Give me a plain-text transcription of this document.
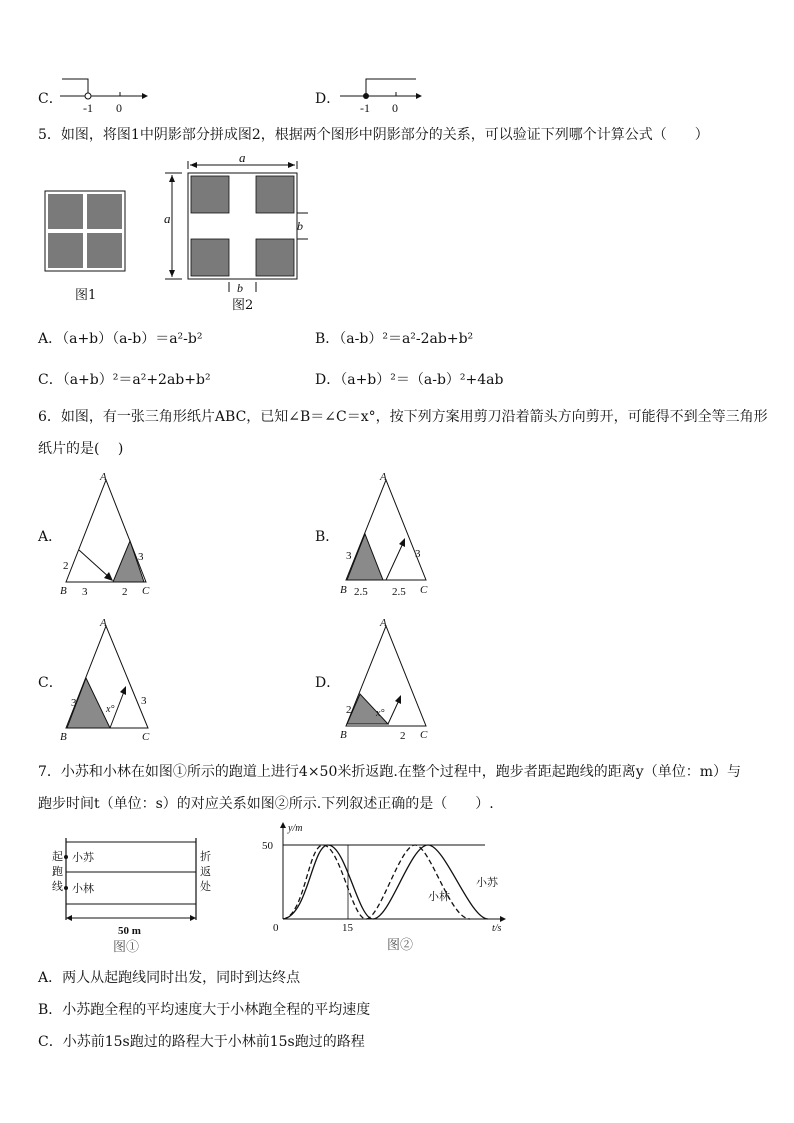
C．
-1 0
D．
-1 0
5．如图，将图1中阴影部分拼成图2，根据两个图形中阴影部分的关系，可以验证下列哪个计算公式（　　）
图1
a
a	b
b
图2
A．（a+b）（a-b）＝a²-b²	B．（a-b）²＝a²-2ab+b²
C．（a+b）²＝a²+2ab+b²	D．（a+b）²＝（a-b）²+4ab
6．如图，有一张三角形纸片ABC，已知∠B＝∠C＝x°，按下列方案用剪刀沿着箭头方向剪开，可能得不到全等三角形
纸片的是(　 )
A．
A
B	C
2
3	2
3
B．
A
B	C
3
2.5 2.5
3
C．
A
B	C
3
x°
3
D．
A
B	C
2 x°
2
7．小苏和小林在如图①所示的跑道上进行4×50米折返跑.在整个过程中，跑步者距起跑线的距离y（单位：m）与
跑步时间t（单位：s）的对应关系如图②所示.下列叙述正确的是（　　）.
起
跑
线
折
返
处
小苏
小林
50 m
图①
y/m
50
0	15	t/s
小林
小苏
图②
A．两人从起跑线同时出发，同时到达终点
B．小苏跑全程的平均速度大于小林跑全程的平均速度
C．小苏前15s跑过的路程大于小林前15s跑过的路程
